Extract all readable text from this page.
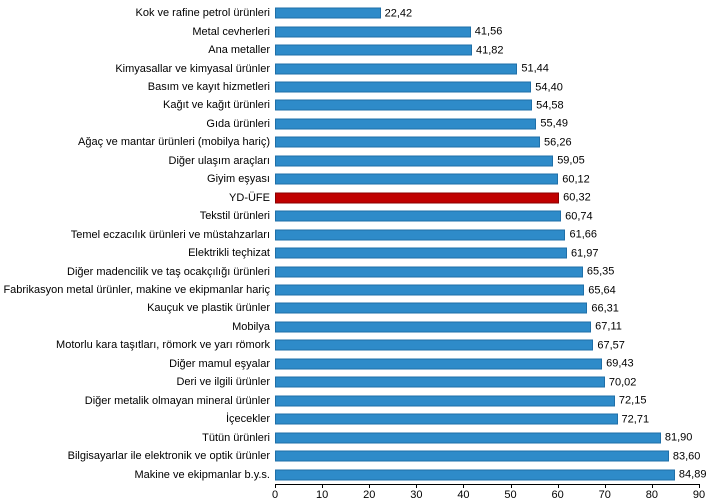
Kok ve rafine petrol ürünleri	22,42
Metal cevherleri	41,56
Ana metaller	41,82
Kimyasallar ve kimyasal ürünler	51,44
Basım ve kayıt hizmetleri	54,40
Kağıt ve kağıt ürünleri	54,58
Gıda ürünleri	55,49
Ağaç ve mantar ürünleri (mobilya hariç)	56,26
Diğer ulaşım araçları	59,05
Giyim eşyası	60,12
YD-ÜFE	60,32
Tekstil ürünleri	60,74
Temel eczacılık ürünleri ve müstahzarları	61,66
Elektrikli teçhizat	61,97
Diğer madencilik ve taş ocakçılığı ürünleri	65,35
Fabrikasyon metal ürünler, makine ve ekipmanlar hariç	65,64
Kauçuk ve plastik ürünler	66,31
Mobilya	67,11
Motorlu kara taşıtları, römork ve yarı römork	67,57
Diğer mamul eşyalar	69,43
Deri ve ilgili ürünler	70,02
Diğer metalik olmayan mineral ürünler	72,15
İçecekler	72,71
Tütün ürünleri	81,90
Bilgisayarlar ile elektronik ve optik ürünler	83,60
Makine ve ekipmanlar b.y.s.	84,89
0	10	20	30	40	50	60	70	80	90
